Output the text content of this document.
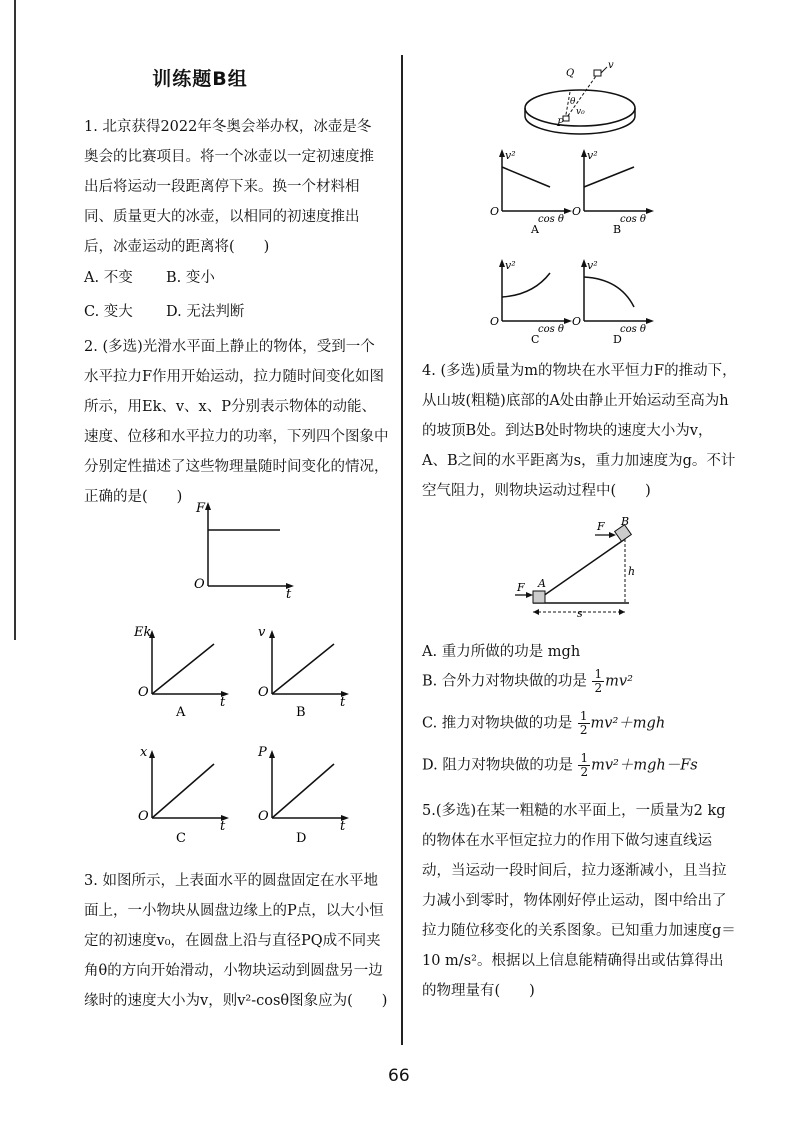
训练题B组

1. 北京获得2022年冬奥会举办权，冰壶是冬奥会的比赛项目。将一个冰壶以一定初速度推出后将运动一段距离停下来。换一个材料相同、质量更大的冰壶，以相同的初速度推出后，冰壶运动的距离将(　　)

A. 不变 B. 变小
C. 变大 D. 无法判断

2. (多选)光滑水平面上静止的物体，受到一个水平拉力F作用开始运动，拉力随时间变化如图所示，用Ek、v、x、P分别表示物体的动能、速度、位移和水平拉力的功率，下列四个图象中分别定性描述了这些物理量随时间变化的情况，正确的是(　　)

F
O
t
Ek
O
t
A
v
O
t
B
x
O
t
C
P
O
t
D

3. 如图所示，上表面水平的圆盘固定在水平地面上，一小物块从圆盘边缘上的P点，以大小恒定的初速度v₀，在圆盘上沿与直径PQ成不同夹角θ的方向开始滑动，小物块运动到圆盘另一边缘时的速度大小为v，则v²-cosθ图象应为(　　)

Q
P
v
v₀
θ
v²
O
cos θ
A
v²
O
cos θ
B
v²
O
cos θ
C
v²
O
cos θ
D

4. (多选)质量为m的物块在水平恒力F的推动下，从山坡(粗糙)底部的A处由静止开始运动至高为h的坡顶B处。到达B处时物块的速度大小为v，A、B之间的水平距离为s，重力加速度为g。不计空气阻力，则物块运动过程中(　　)

F
F
A
B
h
s
A. 重力所做的功是 mgh
B. 合外力对物块做的功是 $\frac{1}{2} mv^2$
C. 推力对物块做的功是 $\frac{1}{2} mv^2+mgh$
D. 阻力对物块做的功是 $\frac{1}{2} mv^2+mgh-Fs$

5.(多选)在某一粗糙的水平面上，一质量为2 kg的物体在水平恒定拉力的作用下做匀速直线运动，当运动一段时间后，拉力逐渐减小，且当拉力减小到零时，物体刚好停止运动，图中给出了拉力随位移变化的关系图象。已知重力加速度g＝10 m/s²。根据以上信息能精确得出或估算得出的物理量有(　　)

66
